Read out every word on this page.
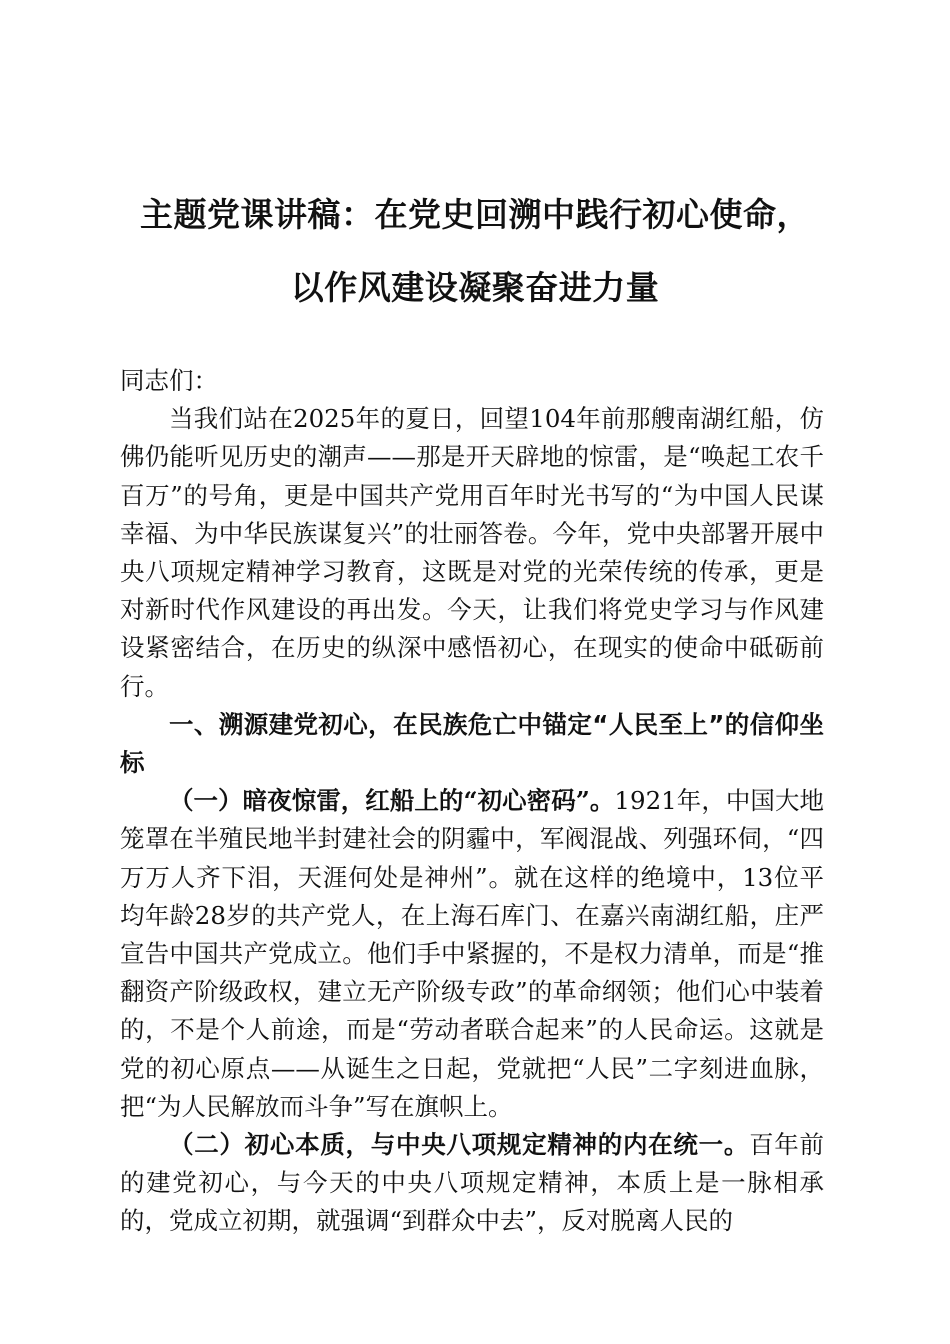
主题党课讲稿：在党史回溯中践行初心使命，
以作风建设凝聚奋进力量

同志们：

当我们站在2025年的夏日，回望104年前那艘南湖红船，仿佛仍能听见历史的潮声——那是开天辟地的惊雷，是“唤起工农千百万”的号角，更是中国共产党用百年时光书写的“为中国人民谋幸福、为中华民族谋复兴”的壮丽答卷。今年，党中央部署开展中央八项规定精神学习教育，这既是对党的光荣传统的传承，更是对新时代作风建设的再出发。今天，让我们将党史学习与作风建设紧密结合，在历史的纵深中感悟初心，在现实的使命中砥砺前行。

一、溯源建党初心，在民族危亡中锚定“人民至上”的信仰坐标

（一）暗夜惊雷，红船上的“初心密码”。1921年，中国大地笼罩在半殖民地半封建社会的阴霾中，军阀混战、列强环伺，“四万万人齐下泪，天涯何处是神州”。就在这样的绝境中，13位平均年龄28岁的共产党人，在上海石库门、在嘉兴南湖红船，庄严宣告中国共产党成立。他们手中紧握的，不是权力清单，而是“推翻资产阶级政权，建立无产阶级专政”的革命纲领；他们心中装着的，不是个人前途，而是“劳动者联合起来”的人民命运。这就是党的初心原点——从诞生之日起，党就把“人民”二字刻进血脉，把“为人民解放而斗争”写在旗帜上。

（二）初心本质，与中央八项规定精神的内在统一。百年前的建党初心，与今天的中央八项规定精神，本质上是一脉相承的，党成立初期，就强调“到群众中去”，反对脱离人民的
